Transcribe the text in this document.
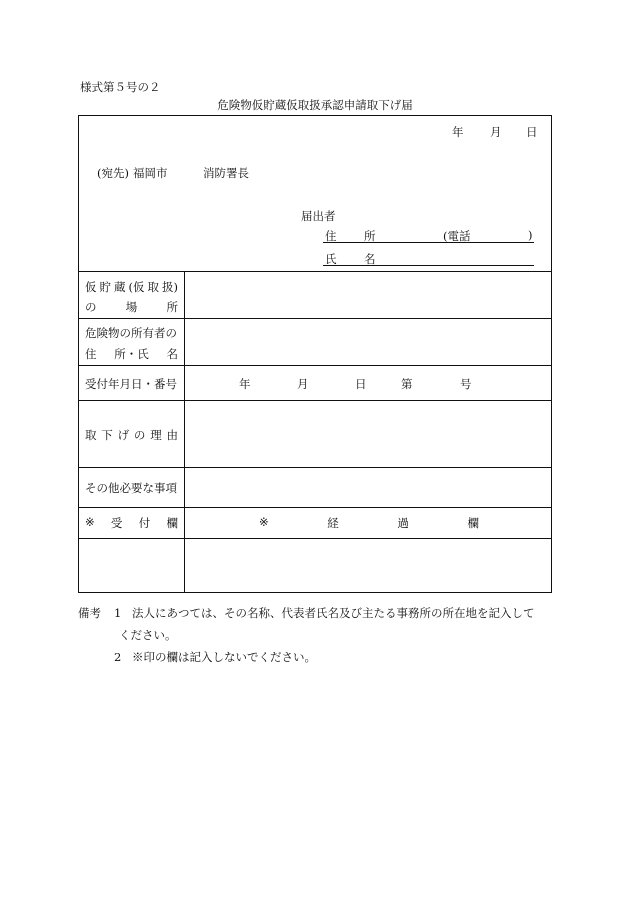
様式第５号の２
危険物仮貯蔵仮取扱承認申請取下げ届
年 月 日
(宛先) 福岡市	消防署長
届出者
住 所	(電話	)
氏 名
仮 貯 蔵 (仮 取 扱)
の	場	所
危険物の所有者の
住 所・氏 名
受付年月日・番号	年	月	日	第	号
取 下 げ の 理 由
その他必要な事項
※ 受 付 欄	※	経	過	欄
備考 1 法人にあつては、その名称、代表者氏名及び主たる事務所の所在地を記入して
ください。
2 ※印の欄は記入しないでください。
